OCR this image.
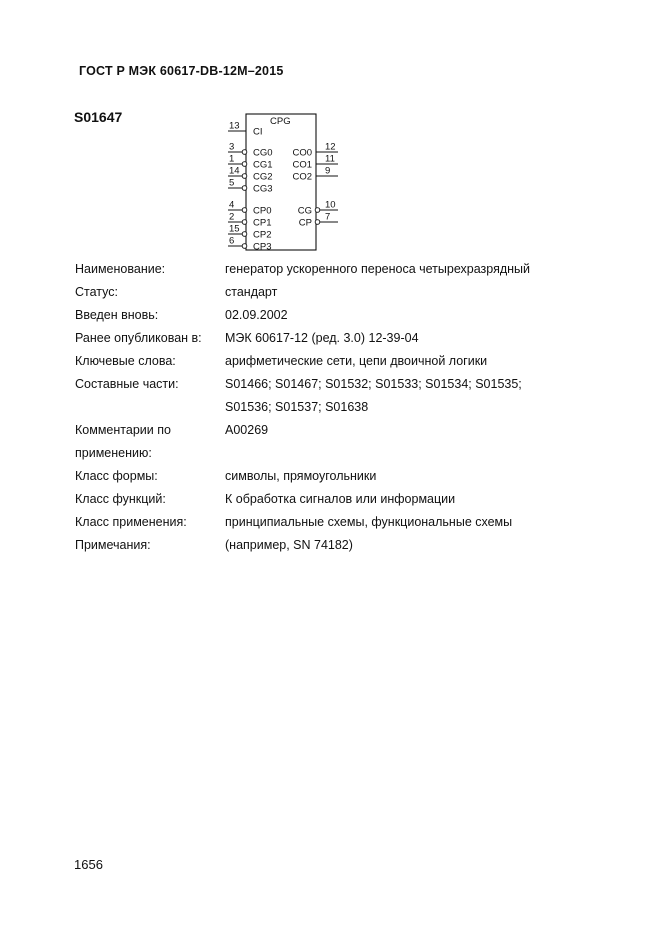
ГОСТ Р МЭК 60617-DB-12M–2015
S01647	CPG
13
CI
3
CG0
1
CG1
14
CG2
5
CG3
4
CP0
2
CP1
15
CP2
6
CP3
12
CO0
11
CO1
9
CO2
10
CG
7
CP
Наименование:	генератор ускоренного переноса четырехразрядный
Статус:	стандарт
Введен вновь:	02.09.2002
Ранее опубликован в:	МЭК 60617-12 (ред. 3.0) 12-39-04
Ключевые слова:	арифметические сети, цепи двоичной логики
Составные части:	S01466; S01467; S01532; S01533; S01534; S01535;
S01536; S01537; S01638
Комментарии по	A00269
применению:
Класс формы:	символы, прямоугольники
Класс функций:	К обработка сигналов или информации
Класс применения:	принципиальные схемы, функциональные схемы
Примечания:	(например, SN 74182)
1656
